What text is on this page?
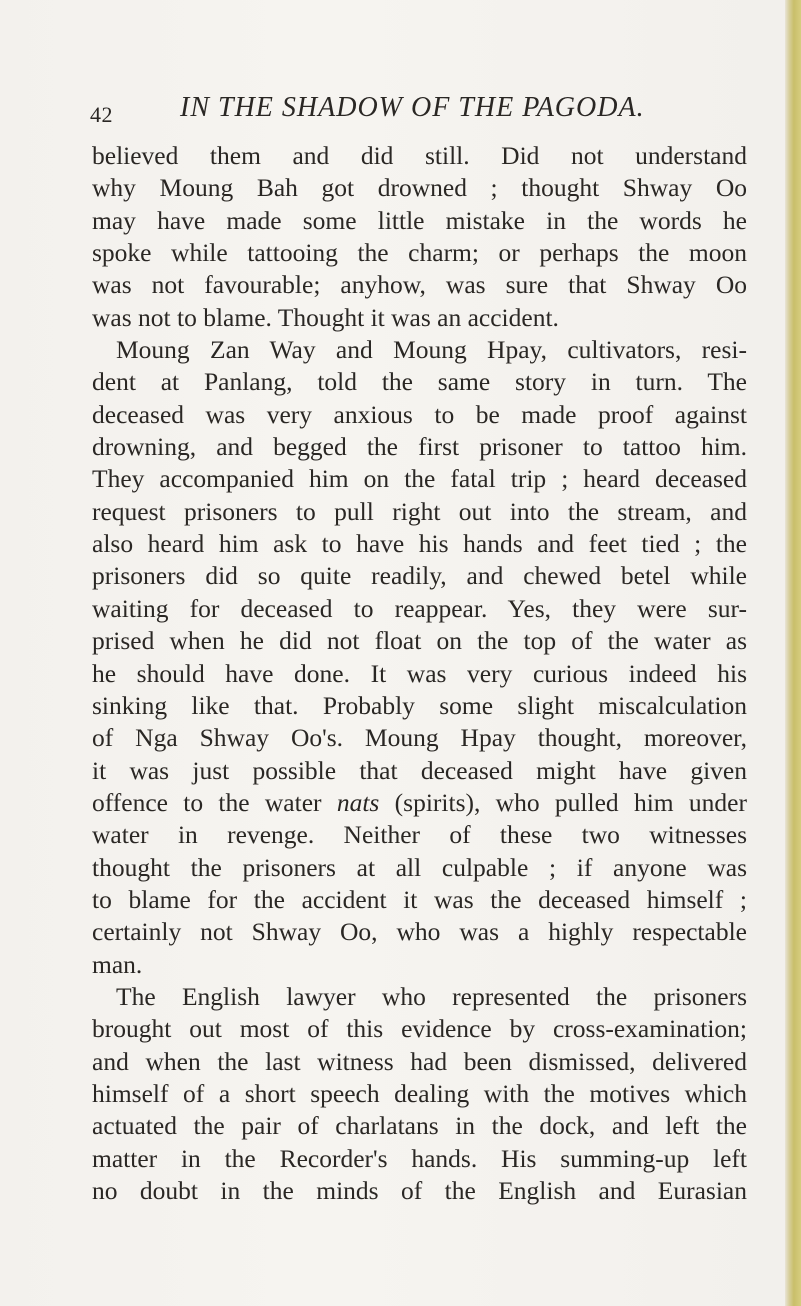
42 IN THE SHADOW OF THE PAGODA.
believed them and did still. Did not understand
why Moung Bah got drowned ; thought Shway Oo
may have made some little mistake in the words he
spoke while tattooing the charm; or perhaps the moon
was not favourable; anyhow, was sure that Shway Oo
was not to blame. Thought it was an accident.
Moung Zan Way and Moung Hpay, cultivators, resi-
dent at Panlang, told the same story in turn. The
deceased was very anxious to be made proof against
drowning, and begged the first prisoner to tattoo him.
They accompanied him on the fatal trip ; heard deceased
request prisoners to pull right out into the stream, and
also heard him ask to have his hands and feet tied ; the
prisoners did so quite readily, and chewed betel while
waiting for deceased to reappear. Yes, they were sur-
prised when he did not float on the top of the water as
he should have done. It was very curious indeed his
sinking like that. Probably some slight miscalculation
of Nga Shway Oo's. Moung Hpay thought, moreover,
it was just possible that deceased might have given
offence to the water nats (spirits), who pulled him under
water in revenge. Neither of these two witnesses
thought the prisoners at all culpable ; if anyone was
to blame for the accident it was the deceased himself ;
certainly not Shway Oo, who was a highly respectable
man.
The English lawyer who represented the prisoners
brought out most of this evidence by cross-examination;
and when the last witness had been dismissed, delivered
himself of a short speech dealing with the motives which
actuated the pair of charlatans in the dock, and left the
matter in the Recorder's hands. His summing-up left
no doubt in the minds of the English and Eurasian
